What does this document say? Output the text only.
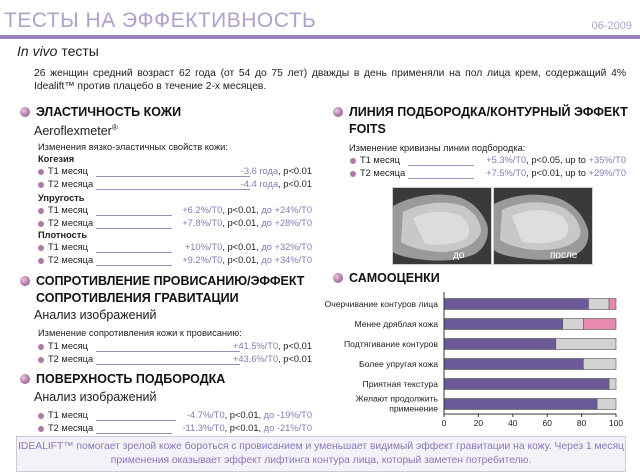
ТЕСТЫ НА ЭФФЕКТИВНОСТЬ	06-2009
In vivo тесты
26 женщин средний возраст 62 года (от 54 до 75 лет) дважды в день применяли на пол лица крем, содержащий 4% Idealift™ против плацебо в течение 2-х месяцев.
ЭЛАСТИЧНОСТЬ КОЖИ
Aeroflexmeter®
Изменения вязко-эластичных свойств кожи:
Когезия
Т1 месяц	-3.6 года, p<0.01
Т2 месяца	-4.4 года, p<0.01
Упругость
Т1 месяц	+6.2%/T0, p<0.01, до +24%/T0
Т2 месяца	+7.8%/T0, p<0.01, до +28%/T0
Плотность
Т1 месяц	+10%/T0, p<0.01, до +32%/T0
Т2 месяца	+9.2%/T0, p<0.01, до +34%/T0
СОПРОТИВЛЕНИЕ ПРОВИСАНИЮ/ЭФФЕКТ
СОПРОТИВЛЕНИЯ ГРАВИТАЦИИ
Анализ изображений
Изменение сопротивления кожи к провисанию:
Т1 месяц	+41.5%/T0, p<0.01
Т2 месяца	+43.6%/T0, p<0.01
ПОВЕРХНОСТЬ ПОДБОРОДКА
Анализ изображений
Т1 месяц	-4.7%/T0, p<0.01, до -19%/T0
Т2 месяца	-11.3%/T0, p<0.01, до -21%/T0
ЛИНИЯ ПОДБОРОДКА/КОНТУРНЫЙ ЭФФЕКТ
FOITS
Изменение кривизны линии подбородка:
Т1 месяц	+5.3%/T0, p<0.05, up to +35%/T0
Т2 месяца	+7.5%/T0, p<0.01, up to +29%/T0
до	после
САМООЦЕНКИ
Очерчивание контуров лица
Менее дряблая кожа
Подтягивание контуров
Более упругая кожа
Приятная текстура
Желают продолжить
применение
0	20	40	60	80	100
IDEALIFT™ помогает зрелой коже бороться с провисанием и уменьшает видимый эффект гравитации на кожу. Через 1 месяц
применения оказывает эффект лифтинга контура лица, который заметен потребителю.
